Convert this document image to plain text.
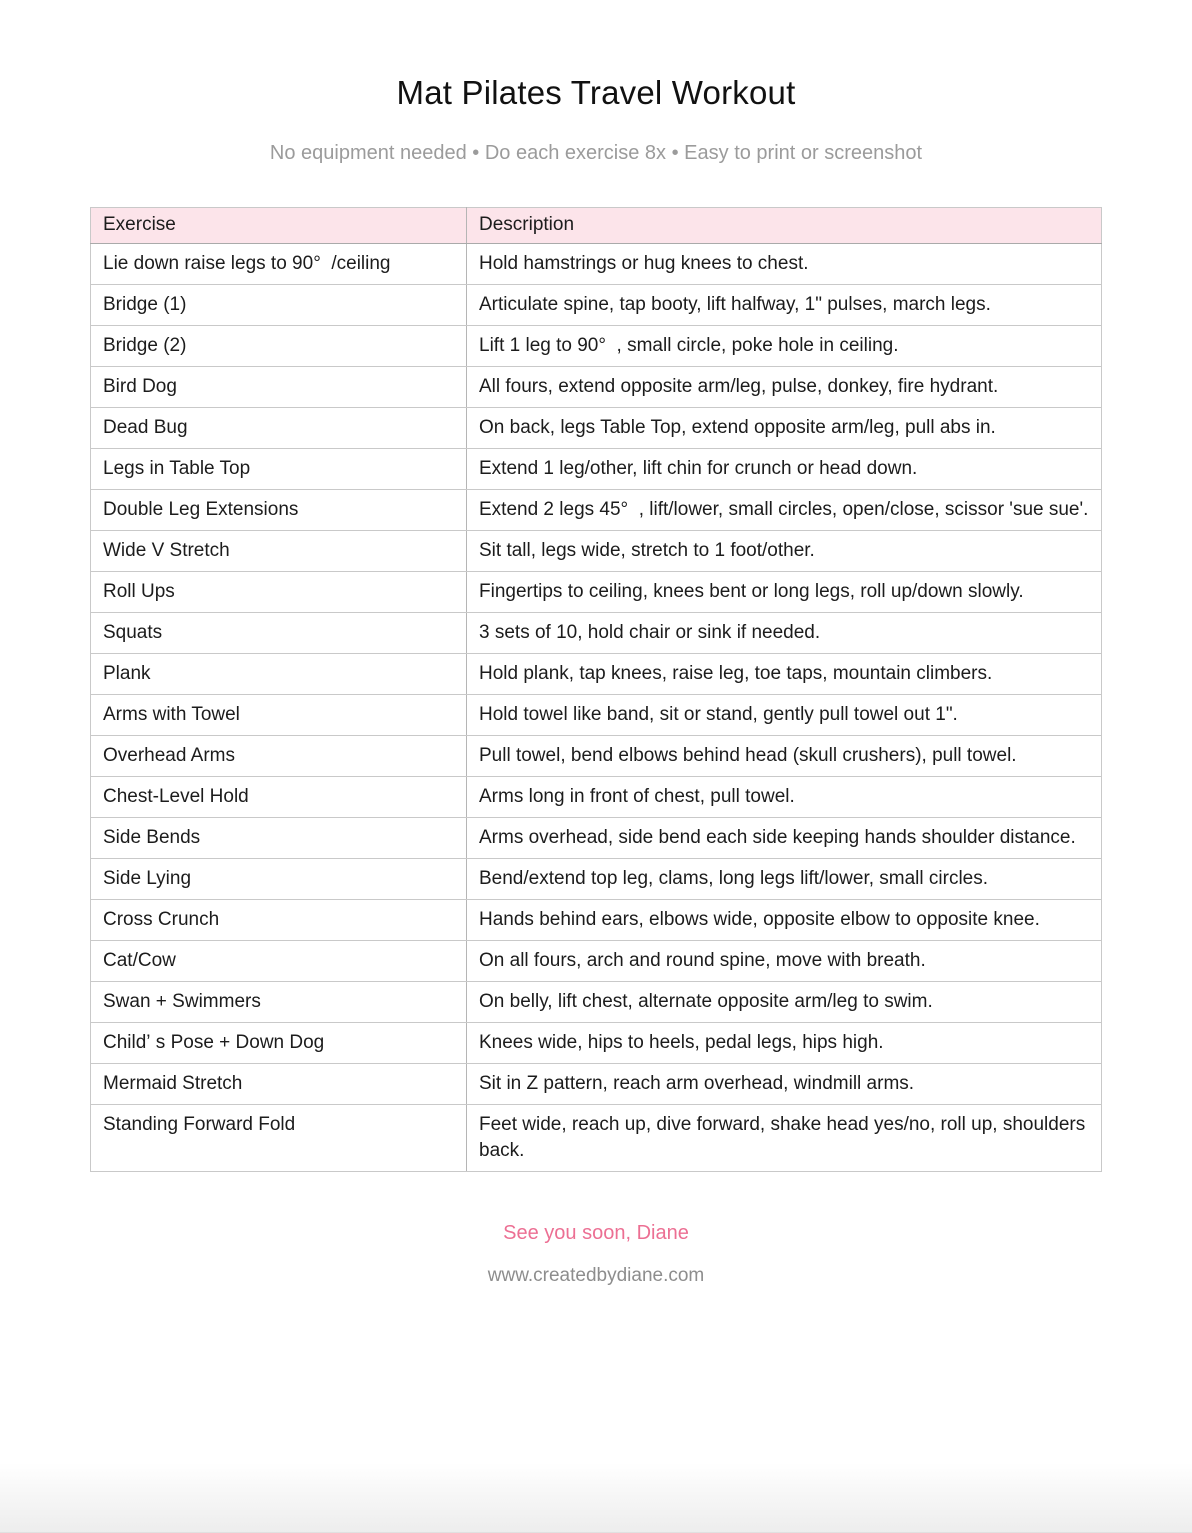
Mat Pilates Travel Workout
No equipment needed • Do each exercise 8x • Easy to print or screenshot
Exercise	Description
Lie down raise legs to 90°  /ceiling	Hold hamstrings or hug knees to chest.
Bridge (1)	Articulate spine, tap booty, lift halfway, 1" pulses, march legs.
Bridge (2)	Lift 1 leg to 90°  , small circle, poke hole in ceiling.
Bird Dog	All fours, extend opposite arm/leg, pulse, donkey, fire hydrant.
Dead Bug	On back, legs Table Top, extend opposite arm/leg, pull abs in.
Legs in Table Top	Extend 1 leg/other, lift chin for crunch or head down.
Double Leg Extensions	Extend 2 legs 45°  , lift/lower, small circles, open/close, scissor 'sue sue'.
Wide V Stretch	Sit tall, legs wide, stretch to 1 foot/other.
Roll Ups	Fingertips to ceiling, knees bent or long legs, roll up/down slowly.
Squats	3 sets of 10, hold chair or sink if needed.
Plank	Hold plank, tap knees, raise leg, toe taps, mountain climbers.
Arms with Towel	Hold towel like band, sit or stand, gently pull towel out 1".
Overhead Arms	Pull towel, bend elbows behind head (skull crushers), pull towel.
Chest-Level Hold	Arms long in front of chest, pull towel.
Side Bends	Arms overhead, side bend each side keeping hands shoulder distance.
Side Lying	Bend/extend top leg, clams, long legs lift/lower, small circles.
Cross Crunch	Hands behind ears, elbows wide, opposite elbow to opposite knee.
Cat/Cow	On all fours, arch and round spine, move with breath.
Swan + Swimmers	On belly, lift chest, alternate opposite arm/leg to swim.
Child’ s Pose + Down Dog	Knees wide, hips to heels, pedal legs, hips high.
Mermaid Stretch	Sit in Z pattern, reach arm overhead, windmill arms.
Standing Forward Fold	Feet wide, reach up, dive forward, shake head yes/no, roll up, shoulders back.
See you soon, Diane
www.createdbydiane.com
